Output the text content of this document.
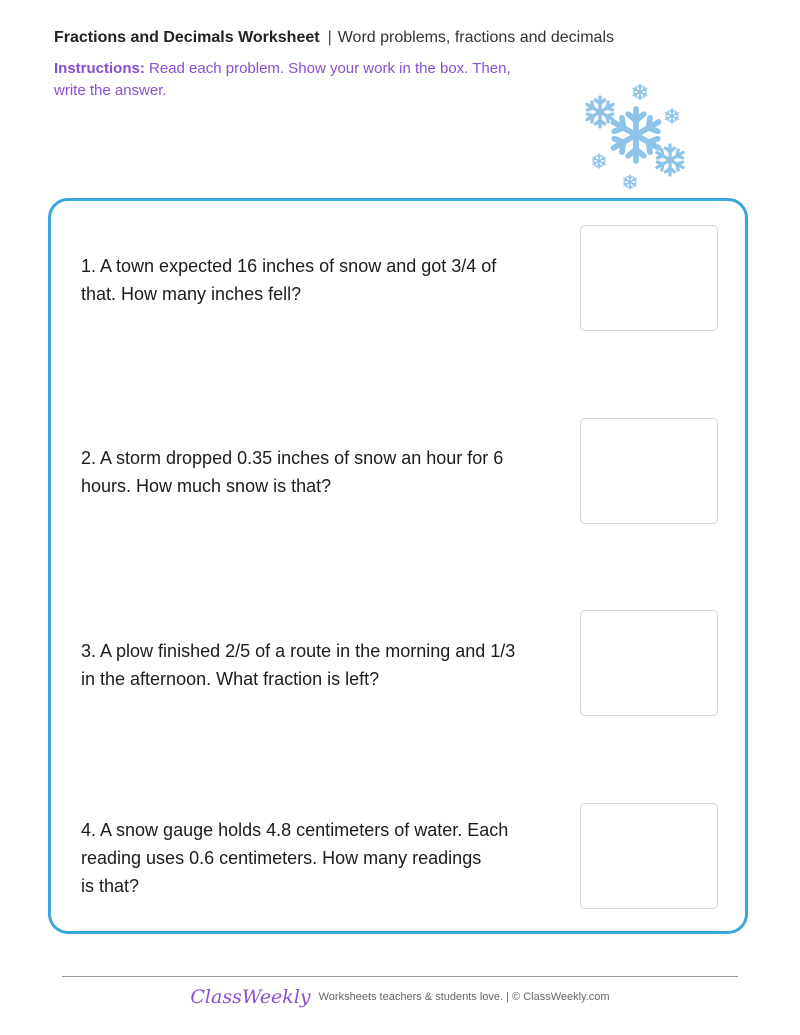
Fractions and Decimals Worksheet | Word problems, fractions and decimals
Instructions: Read each problem. Show your work in the box. Then,
write the answer.
1. A town expected 16 inches of snow and got 3/4 of
that. How many inches fell?
2. A storm dropped 0.35 inches of snow an hour for 6
hours. How much snow is that?
3. A plow finished 2/5 of a route in the morning and 1/3
in the afternoon. What fraction is left?
4. A snow gauge holds 4.8 centimeters of water. Each
reading uses 0.6 centimeters. How many readings
is that?
ClassWeekly Worksheets teachers & students love. | © ClassWeekly.com
